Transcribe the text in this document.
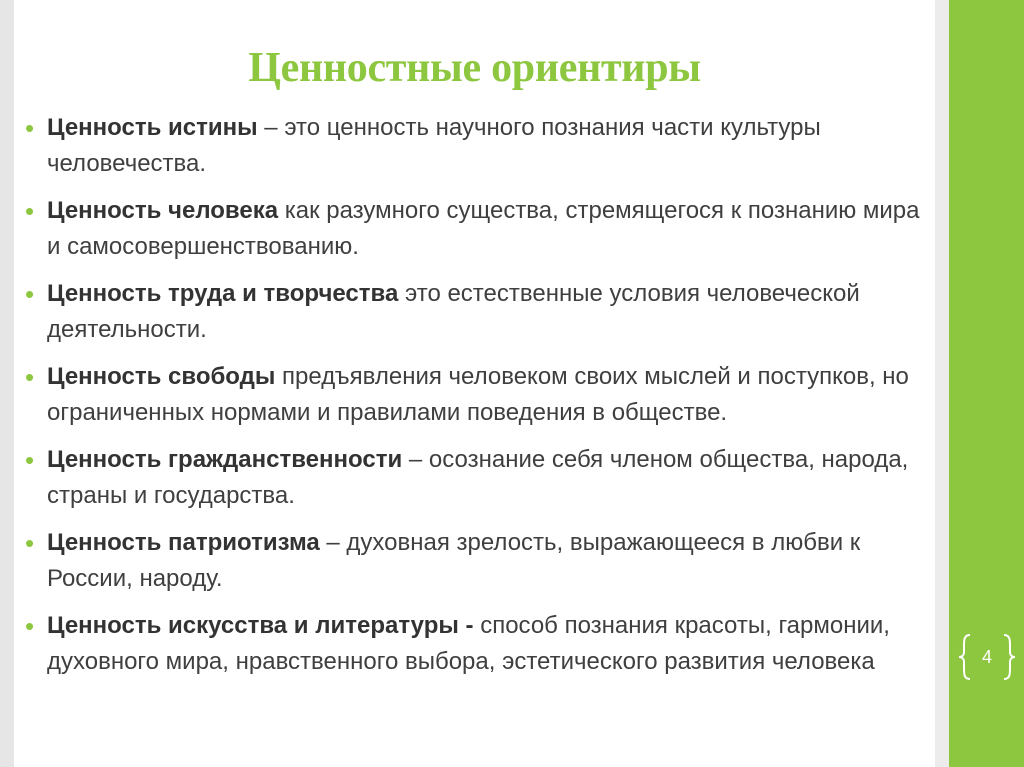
Ценностные ориентиры
• Ценность истины – это ценность научного познания части культуры человечества.
• Ценность человека как разумного существа, стремящегося к познанию мира и самосовершенствованию.
• Ценность труда и творчества это естественные условия человеческой деятельности.
• Ценность свободы предъявления человеком своих мыслей и поступков, но ограниченных нормами и правилами поведения в обществе.
• Ценность гражданственности – осознание себя членом общества, народа, страны и государства.
• Ценность патриотизма – духовная зрелость, выражающееся в любви к России, народу.
• Ценность искусства и литературы - способ познания красоты, гармонии, духовного мира, нравственного выбора, эстетического развития человека	4
